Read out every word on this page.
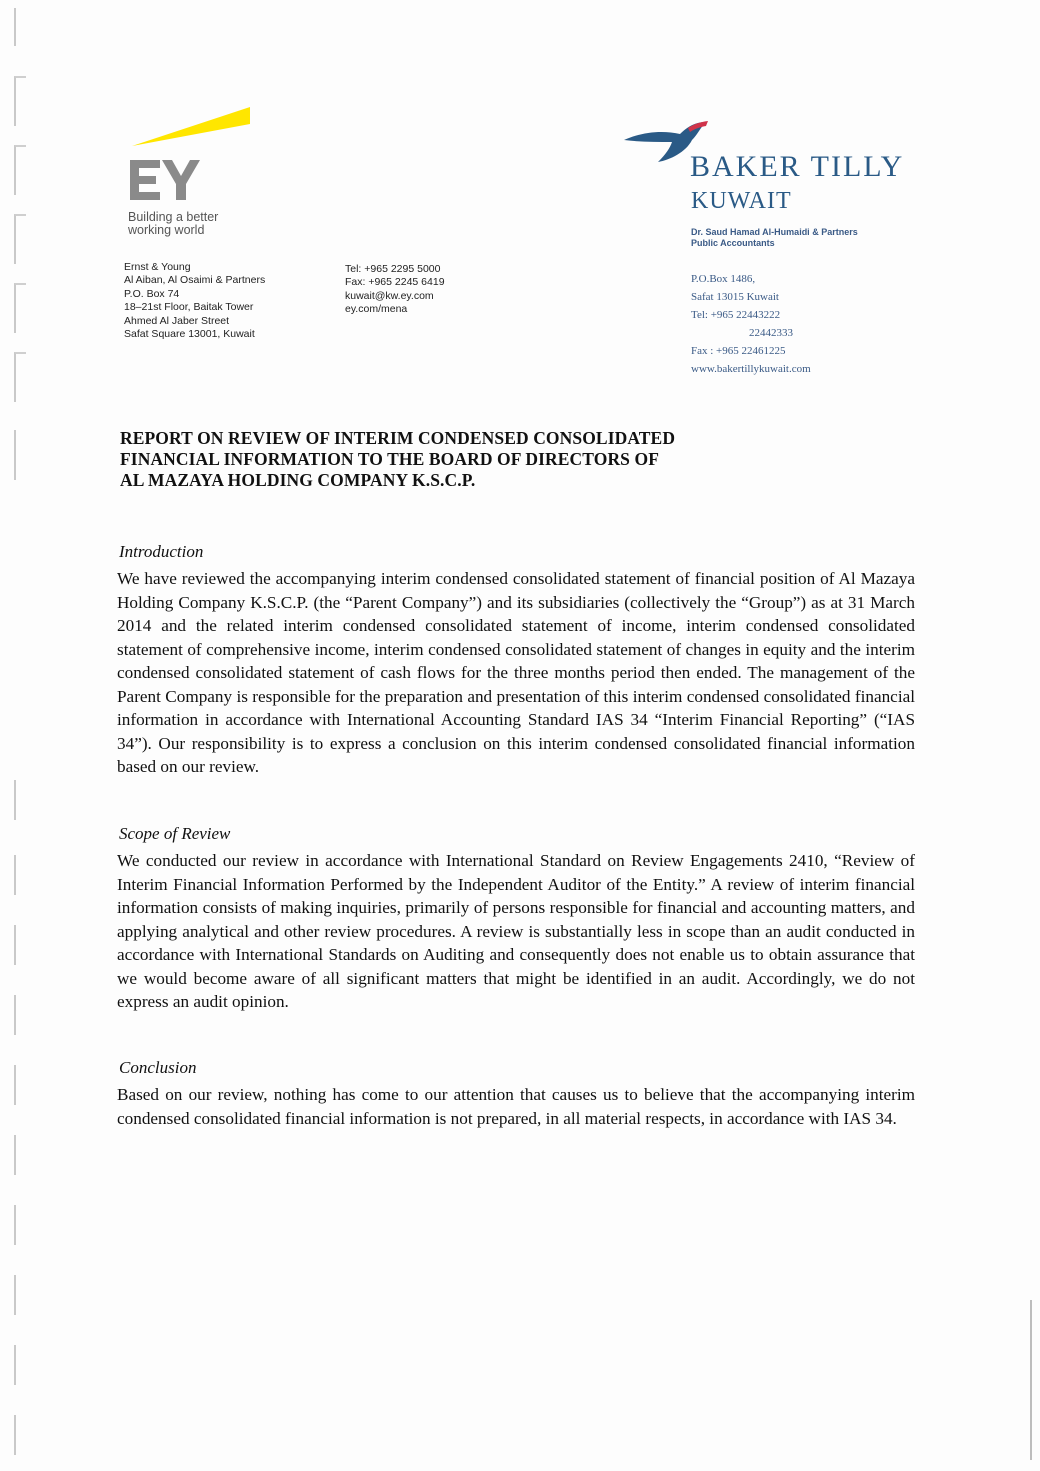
Building a better
working world
Ernst & Young
Al Aiban, Al Osaimi & Partners
P.O. Box 74
18–21st Floor, Baitak Tower
Ahmed Al Jaber Street
Safat Square 13001, Kuwait
Tel: +965 2295 5000
Fax: +965 2245 6419
kuwait@kw.ey.com
ey.com/mena
BAKER TILLY
KUWAIT
Dr. Saud Hamad Al-Humaidi & Partners
Public Accountants
P.O.Box 1486,
Safat 13015 Kuwait
Tel: +965 22443222
22442333
Fax : +965 22461225
www.bakertillykuwait.com
REPORT ON REVIEW OF INTERIM CONDENSED CONSOLIDATED
FINANCIAL INFORMATION TO THE BOARD OF DIRECTORS OF
AL MAZAYA HOLDING COMPANY K.S.C.P.
Introduction

We have reviewed the accompanying interim condensed consolidated statement of financial position of Al Mazaya Holding Company K.S.C.P. (the “Parent Company”) and its subsidiaries (collectively the “Group”) as at 31 March 2014 and the related interim condensed consolidated statement of income, interim condensed consolidated statement of comprehensive income, interim condensed consolidated statement of changes in equity and the interim condensed consolidated statement of cash flows for the three months period then ended. The management of the Parent Company is responsible for the preparation and presentation of this interim condensed consolidated financial information in accordance with International Accounting Standard IAS 34 “Interim Financial Reporting” (“IAS 34”). Our responsibility is to express a conclusion on this interim condensed consolidated financial information based on our review.

Scope of Review

We conducted our review in accordance with International Standard on Review Engagements 2410, “Review of Interim Financial Information Performed by the Independent Auditor of the Entity.” A review of interim financial information consists of making inquiries, primarily of persons responsible for financial and accounting matters, and applying analytical and other review procedures. A review is substantially less in scope than an audit conducted in accordance with International Standards on Auditing and consequently does not enable us to obtain assurance that we would become aware of all significant matters that might be identified in an audit. Accordingly, we do not express an audit opinion.

Conclusion

Based on our review, nothing has come to our attention that causes us to believe that the accompanying interim condensed consolidated financial information is not prepared, in all material respects, in accordance with IAS 34.
